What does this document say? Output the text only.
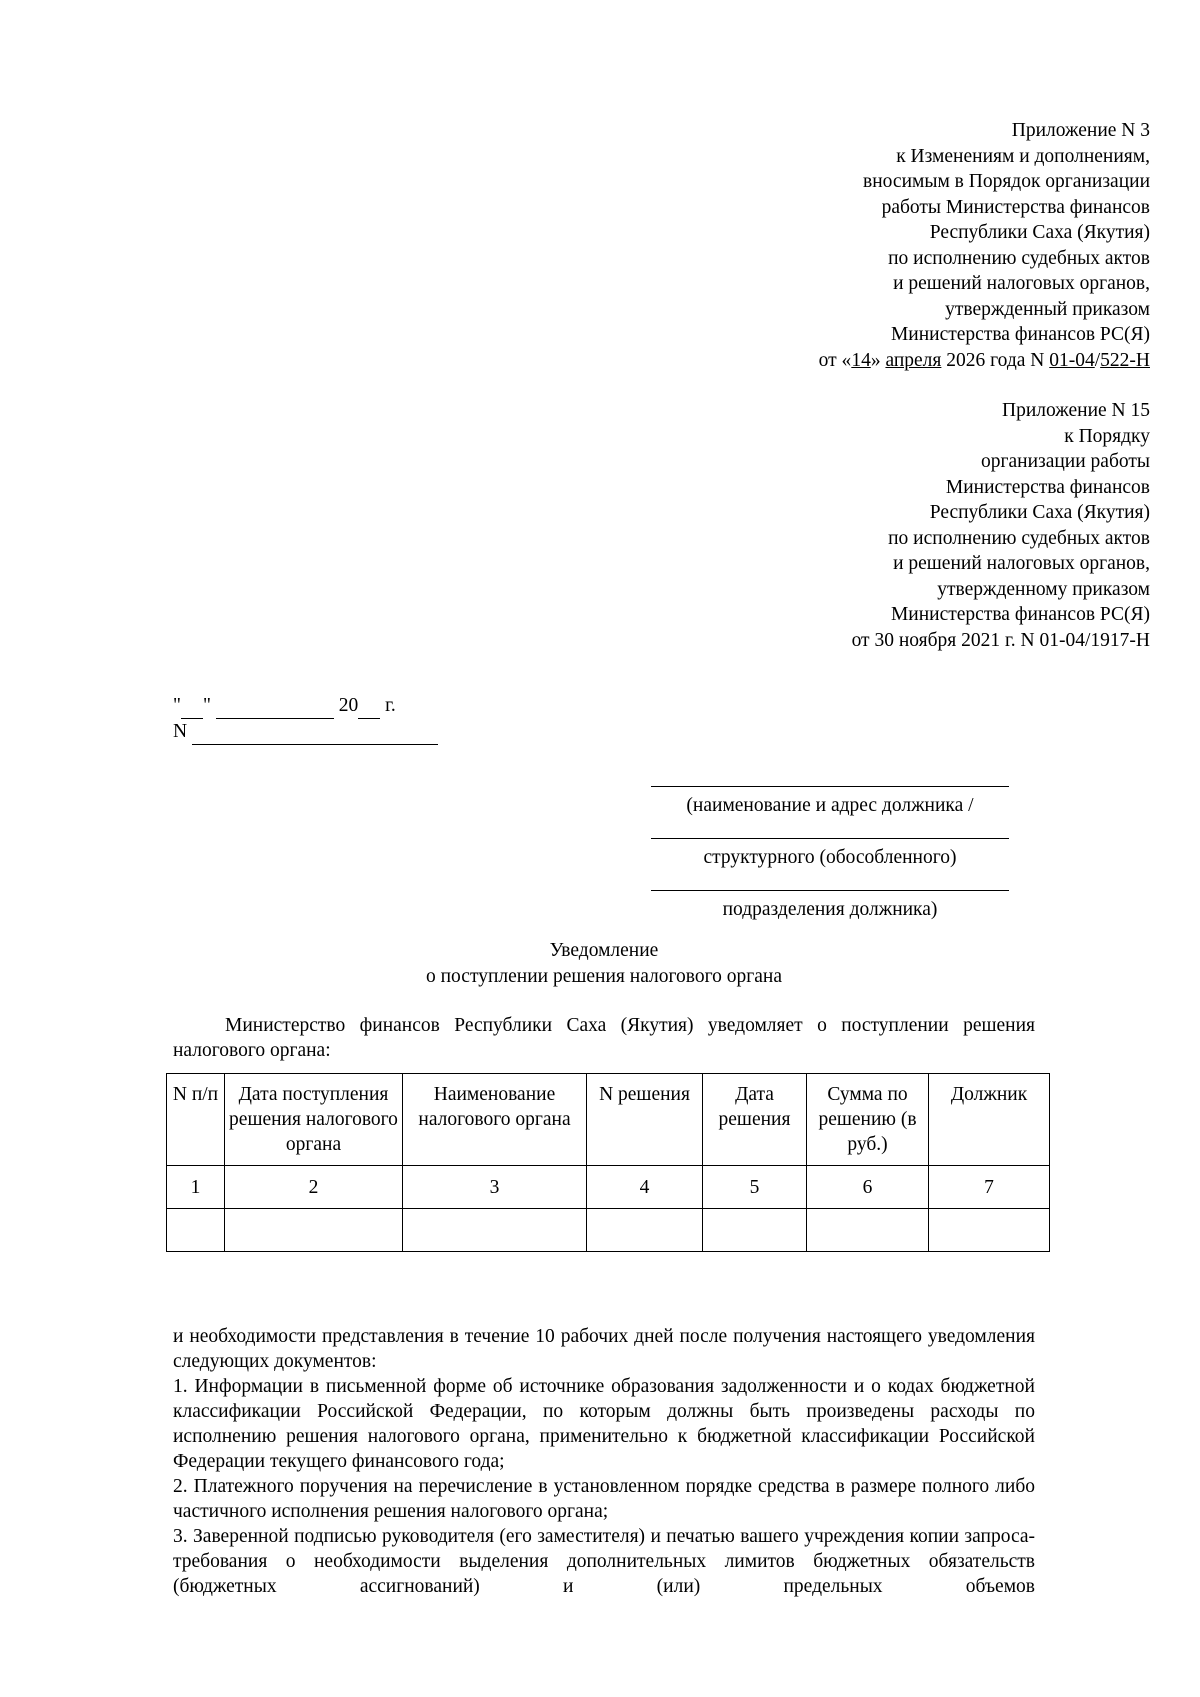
Приложение N 3
к Изменениям и дополнениям,
вносимым в Порядок организации
работы Министерства финансов
Республики Саха (Якутия)
по исполнению судебных актов
и решений налоговых органов,
утвержденный приказом
Министерства финансов РС(Я)
от «14» апреля 2026 года N 01-04/522-Н
Приложение N 15
к Порядку
организации работы
Министерства финансов
Республики Саха (Якутия)
по исполнению судебных актов
и решений налоговых органов,
утвержденному приказом
Министерства финансов РС(Я)
от 30 ноября 2021 г. N 01-04/1917-Н
" "	20 г.
N
(наименование и адрес должника /
структурного (обособленного)
подразделения должника)
Уведомление
о поступлении решения налогового органа

Министерство финансов Республики Саха (Якутия) уведомляет о поступлении решения налогового органа:

N п/п	Дата поступления решения налогового органа	Наименование налогового органа	N решения	Дата решения	Сумма по решению (в руб.)	Должник
1	2	3	4	5	6	7

и необходимости представления в течение 10 рабочих дней после получения настоящего уведомления следующих документов:

1. Информации в письменной форме об источнике образования задолженности и о кодах бюджетной классификации Российской Федерации, по которым должны быть произведены расходы по исполнению решения налогового органа, применительно к бюджетной классификации Российской Федерации текущего финансового года;

2. Платежного поручения на перечисление в установленном порядке средства в размере полного либо частичного исполнения решения налогового органа;

3. Заверенной подписью руководителя (его заместителя) и печатью вашего учреждения копии запроса-требования о необходимости выделения дополнительных лимитов бюджетных обязательств (бюджетных ассигнований) и (или) предельных объемов
